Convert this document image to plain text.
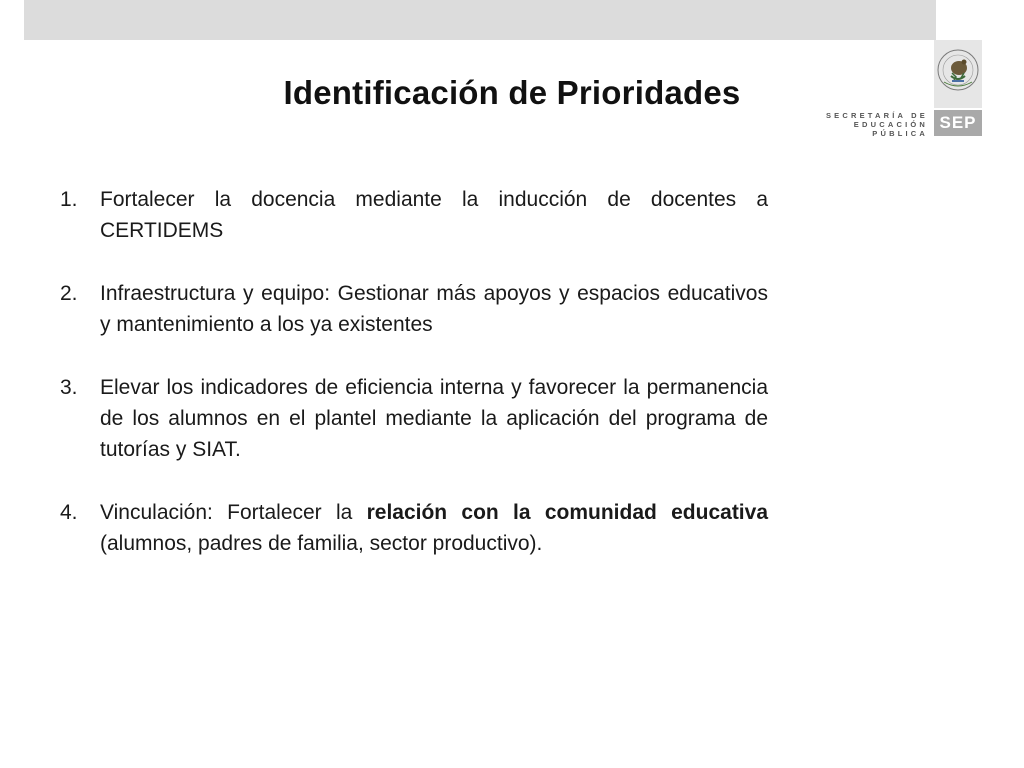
SECRETARÍA DE
EDUCACIÓN PÚBLICA
SEP
Identificación de Prioridades
1. Fortalecer la docencia mediante la inducción de docentes a CERTIDEMS
2. Infraestructura y equipo: Gestionar más apoyos y espacios educativos y mantenimiento a los ya existentes
3. Elevar los indicadores de eficiencia interna y favorecer la permanencia de los alumnos en el plantel mediante la aplicación del programa de tutorías y SIAT.
4. Vinculación: Fortalecer la relación con la comunidad educativa (alumnos, padres de familia, sector productivo).
